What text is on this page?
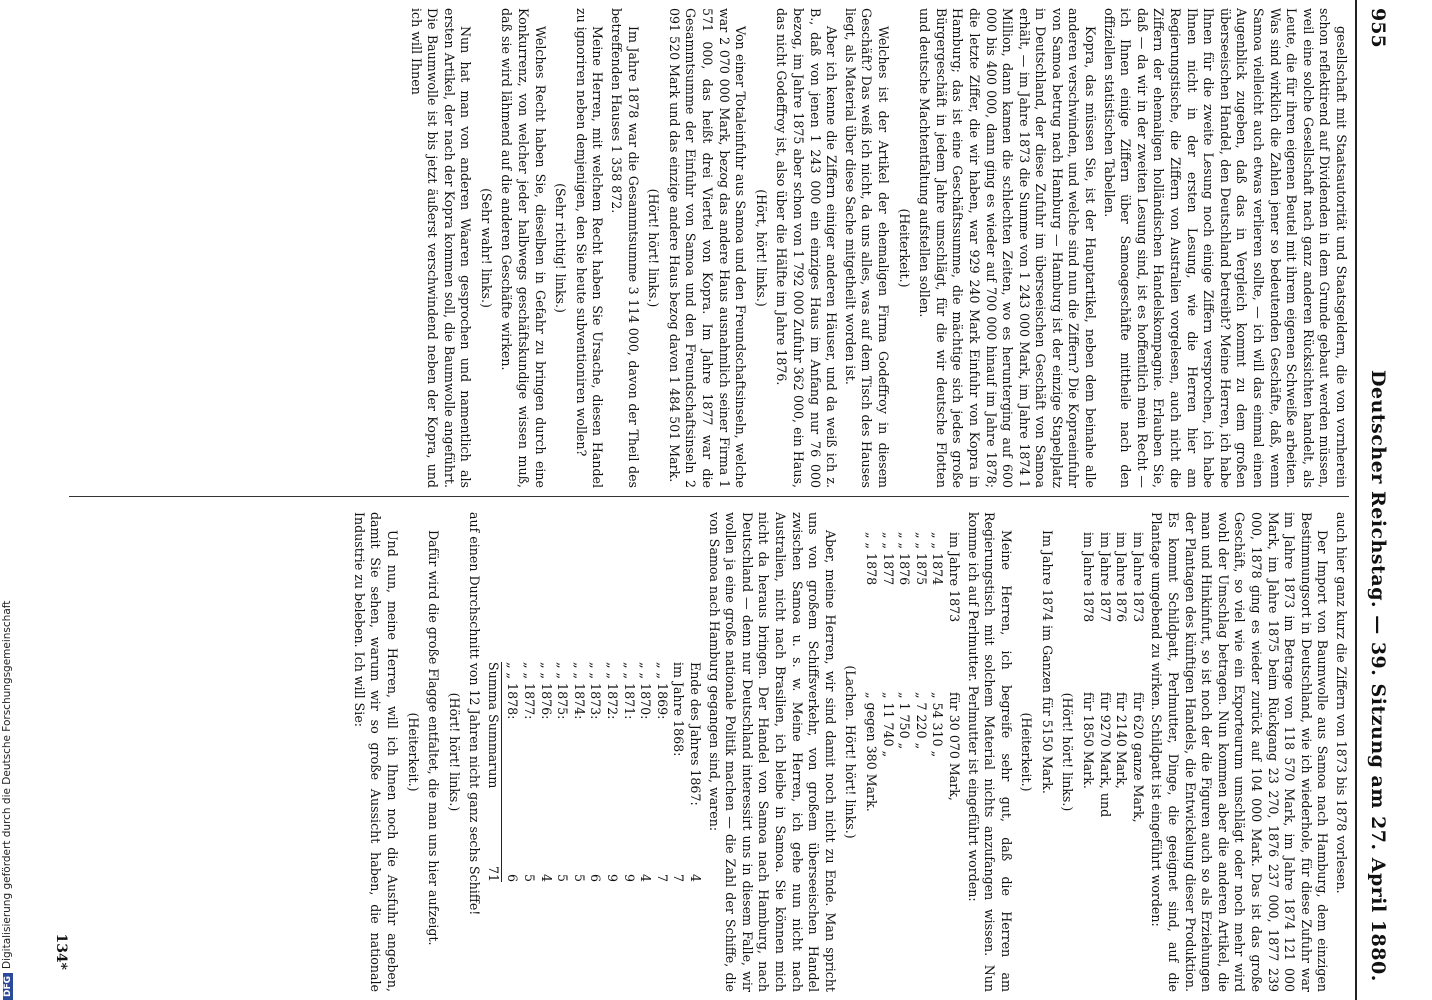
955
Deutscher Reichstag. — 39. Sitzung am 27. April 1880.

gesellschaft mit Staatsautorität und Staatsgeldern, die von vornherein schon reflektirend auf Dividenden in dem Grunde gebaut werden müssen, weil eine solche Gesellschaft nach ganz anderen Rücksichten handelt, als Leute, die für ihren eigenen Beutel mit ihrem eigenen Schweiße arbeiten. Was sind wirklich die Zahlen jener so bedeutenden Geschäfte, daß, wenn Samoa vielleicht auch etwas verlieren sollte, — ich will das einmal einen Augenblick zugeben, daß das in Vergleich kommt zu dem großen überseeischen Handel, den Deutschland betreibt? Meine Herren, ich habe Ihnen für die zweite Lesung noch einige Ziffern versprochen, ich habe Ihnen nicht in der ersten Lesung, wie die Herren hier am Regierungstische, die Ziffern von Australien vorgelesen, auch nicht die Ziffern der ehemaligen holländischen Handelskompagnie. Erlauben Sie, daß — da wir in der zweiten Lesung sind, ist es hoffentlich mein Recht — ich Ihnen einige Ziffern über Samoageschäfte mittheile nach den offiziellen statistischen Tabellen.

Kopra, das müssen Sie, ist der Hauptartikel, neben dem beinahe alle anderen verschwinden, und welche sind nun die Ziffern? Die Kopraeinfuhr von Samoa betrug nach Hamburg — Hamburg ist der einzige Stapelplatz in Deutschland, der diese Zufuhr im überseeischen Geschäft von Samoa erhält, — im Jahre 1873 die Summe von 1 243 000 Mark, im Jahre 1874 1 Million, dann kamen die schlechten Zeiten, wo es herunterging auf 600 000 bis 400 000, dann ging es wieder auf 700 000 hinauf im Jahre 1878; die letzte Ziffer, die wir haben, war 929 240 Mark Einfuhr von Kopra in Hamburg; das ist eine Geschäftssumme, die mächtige sich jedes große Bürgergeschäft in jedem Jahre umschlägt, für die wir deutsche Flotten und deutsche Machtentfaltung aufstellen sollen.

(Heiterkeit.)

Welches ist der Artikel der ehemaligen Firma Godeffroy in diesem Geschäft? Das weiß ich nicht, da uns alles, was auf dem Tisch des Hauses liegt, als Material über diese Sache mitgetheilt worden ist.

Aber ich kenne die Ziffern einiger anderen Häuser, und da weiß ich z. B., daß von jenen 1 243 000 ein einziges Haus im Anfang nur 76 000 bezog, im Jahre 1875 aber schon von 1 792 000 Zufuhr 362 000, ein Haus, das nicht Godeffroy ist, also über die Hälfte im Jahre 1876.

(Hört, hört! links.)

Von einer Totaleinfuhr aus Samoa und den Freundschaftsinseln, welche war 2 070 000 Mark, bezog das andere Haus ausnahmlich seiner Firma 1 571 000, das heißt drei Viertel von Kopra. Im Jahre 1877 war die Gesammtsumme der Einfuhr von Samoa und den Freundschaftsinseln 2 091 520 Mark und das einzige andere Haus bezog davon 1 484 501 Mark.

(Hört! hört! links.)

Im Jahre 1878 war die Gesammtsumme 3 114 000, davon der Theil des betreffenden Hauses 1 358 872.

Meine Herren, mit welchem Recht haben Sie Ursache, diesen Handel zu ignoriren neben demjenigen, den Sie heute subventioniren wollen?

(Sehr richtig! links.)

Welches Recht haben Sie, dieselben in Gefahr zu bringen durch eine Konkurrenz, von welcher jeder halbwegs geschäftskundige wissen muß, daß sie wird lähmend auf die anderen Geschäfte wirken.

(Sehr wahr! links.)

Nun hat man von anderen Waaren gesprochen und namentlich als ersten Artikel, der nach der Kopra kommen soll, die Baumwolle angeführt. Die Baumwolle ist bis jetzt äußerst verschwindend neben der Kopra, und ich will Ihnen

auch hier ganz kurz die Ziffern von 1873 bis 1878 vorlesen.

Der Import von Baumwolle aus Samoa nach Hamburg, dem einzigen Bestimmungsort in Deutschland, wie ich wiederhole, für diese Zufuhr war im Jahre 1873 im Betrage von 118 570 Mark, im Jahre 1874 121 000 Mark, im Jahre 1875 beim Rückgang 23 270, 1876 237 000, 1877 239 000, 1878 ging es wieder zurück auf 104 000 Mark. Das ist das große Geschäft, so viel wie ein Exporteurum umschlägt oder noch mehr wird wohl der Umschlag betragen. Nun kommen aber die anderen Artikel, die man und Hinkinfurt, so ist noch der die Figuren auch so als Erziehungen der Plantagen des künftigen Handels, die Entwickelung dieser Produktion. Es kommt Schildpatt, Perlmutter, Dinge, die geeignet sind, auf die Plantage umgebend zu wirken. Schildpatt ist eingeführt worden:

im Jahre 1873
für 620 ganze Mark,
im Jahre 1876
für 2140 Mark,
im Jahre 1877
für 9270 Mark, und
im Jahre 1878
für 1850 Mark.

(Hört! hört! links.)

Im Jahre 1874 im Ganzen für 5150 Mark.

(Heiterkeit.)

Meine Herren, ich begreife sehr gut, daß die Herren am Regierungstisch mit solchem Material nichts anzufangen wissen. Nun komme ich auf Perlmutter. Perlmutter ist eingeführt worden:

im Jahre 1873
für 30 070 Mark,
„ „ 1874
„ 54 310 „
„ „ 1875
„ 7 220 „
„ „ 1876
„ 1 750 „
„ „ 1877
„ 11 740 „
„ „ 1878
„ gegen 380 Mark.

(Lachen. Hört! hört! links.)

Aber, meine Herren, wir sind damit noch nicht zu Ende. Man spricht uns von großem Schiffsverkehr, von großem überseeischen Handel zwischen Samoa u. s. w. Meine Herren, ich gehe nun nicht nach Australien, nicht nach Brasilien, ich bleibe in Samoa. Sie können mich nicht da heraus bringen. Der Handel von Samoa nach Hamburg, nach Deutschland — denn nur Deutschland interessirt uns in diesem Falle, wir wollen ja eine große nationale Politik machen — die Zahl der Schiffe, die von Samoa nach Hamburg gegangen sind, waren:

Ende des Jahres 1867:
4
im Jahre 1868:
7
„ „ 1869:
7
„ „ 1870:
4
„ „ 1871:
9
„ „ 1872:
9
„ „ 1873:
6
„ „ 1874:
5
„ „ 1875:
5
„ „ 1876:
4
„ „ 1877:
5
„ „ 1878:
6
Summa Summarum
71

auf einen Durchschnitt von 12 Jahren nicht ganz sechs Schiffe!

(Hört! hört! links.)

Dafür wird die große Flagge entfaltet, die man uns hier aufzeigt.

(Heiterkeit.)

Und nun, meine Herren, will ich Ihnen noch die Ausfuhr angeben, damit Sie sehen, warum wir so große Aussicht haben, die nationale Industrie zu beleben. Ich will Sie:

134*
DFGDigitalisierung gefördert durch die Deutsche Forschungsgemeinschaft
